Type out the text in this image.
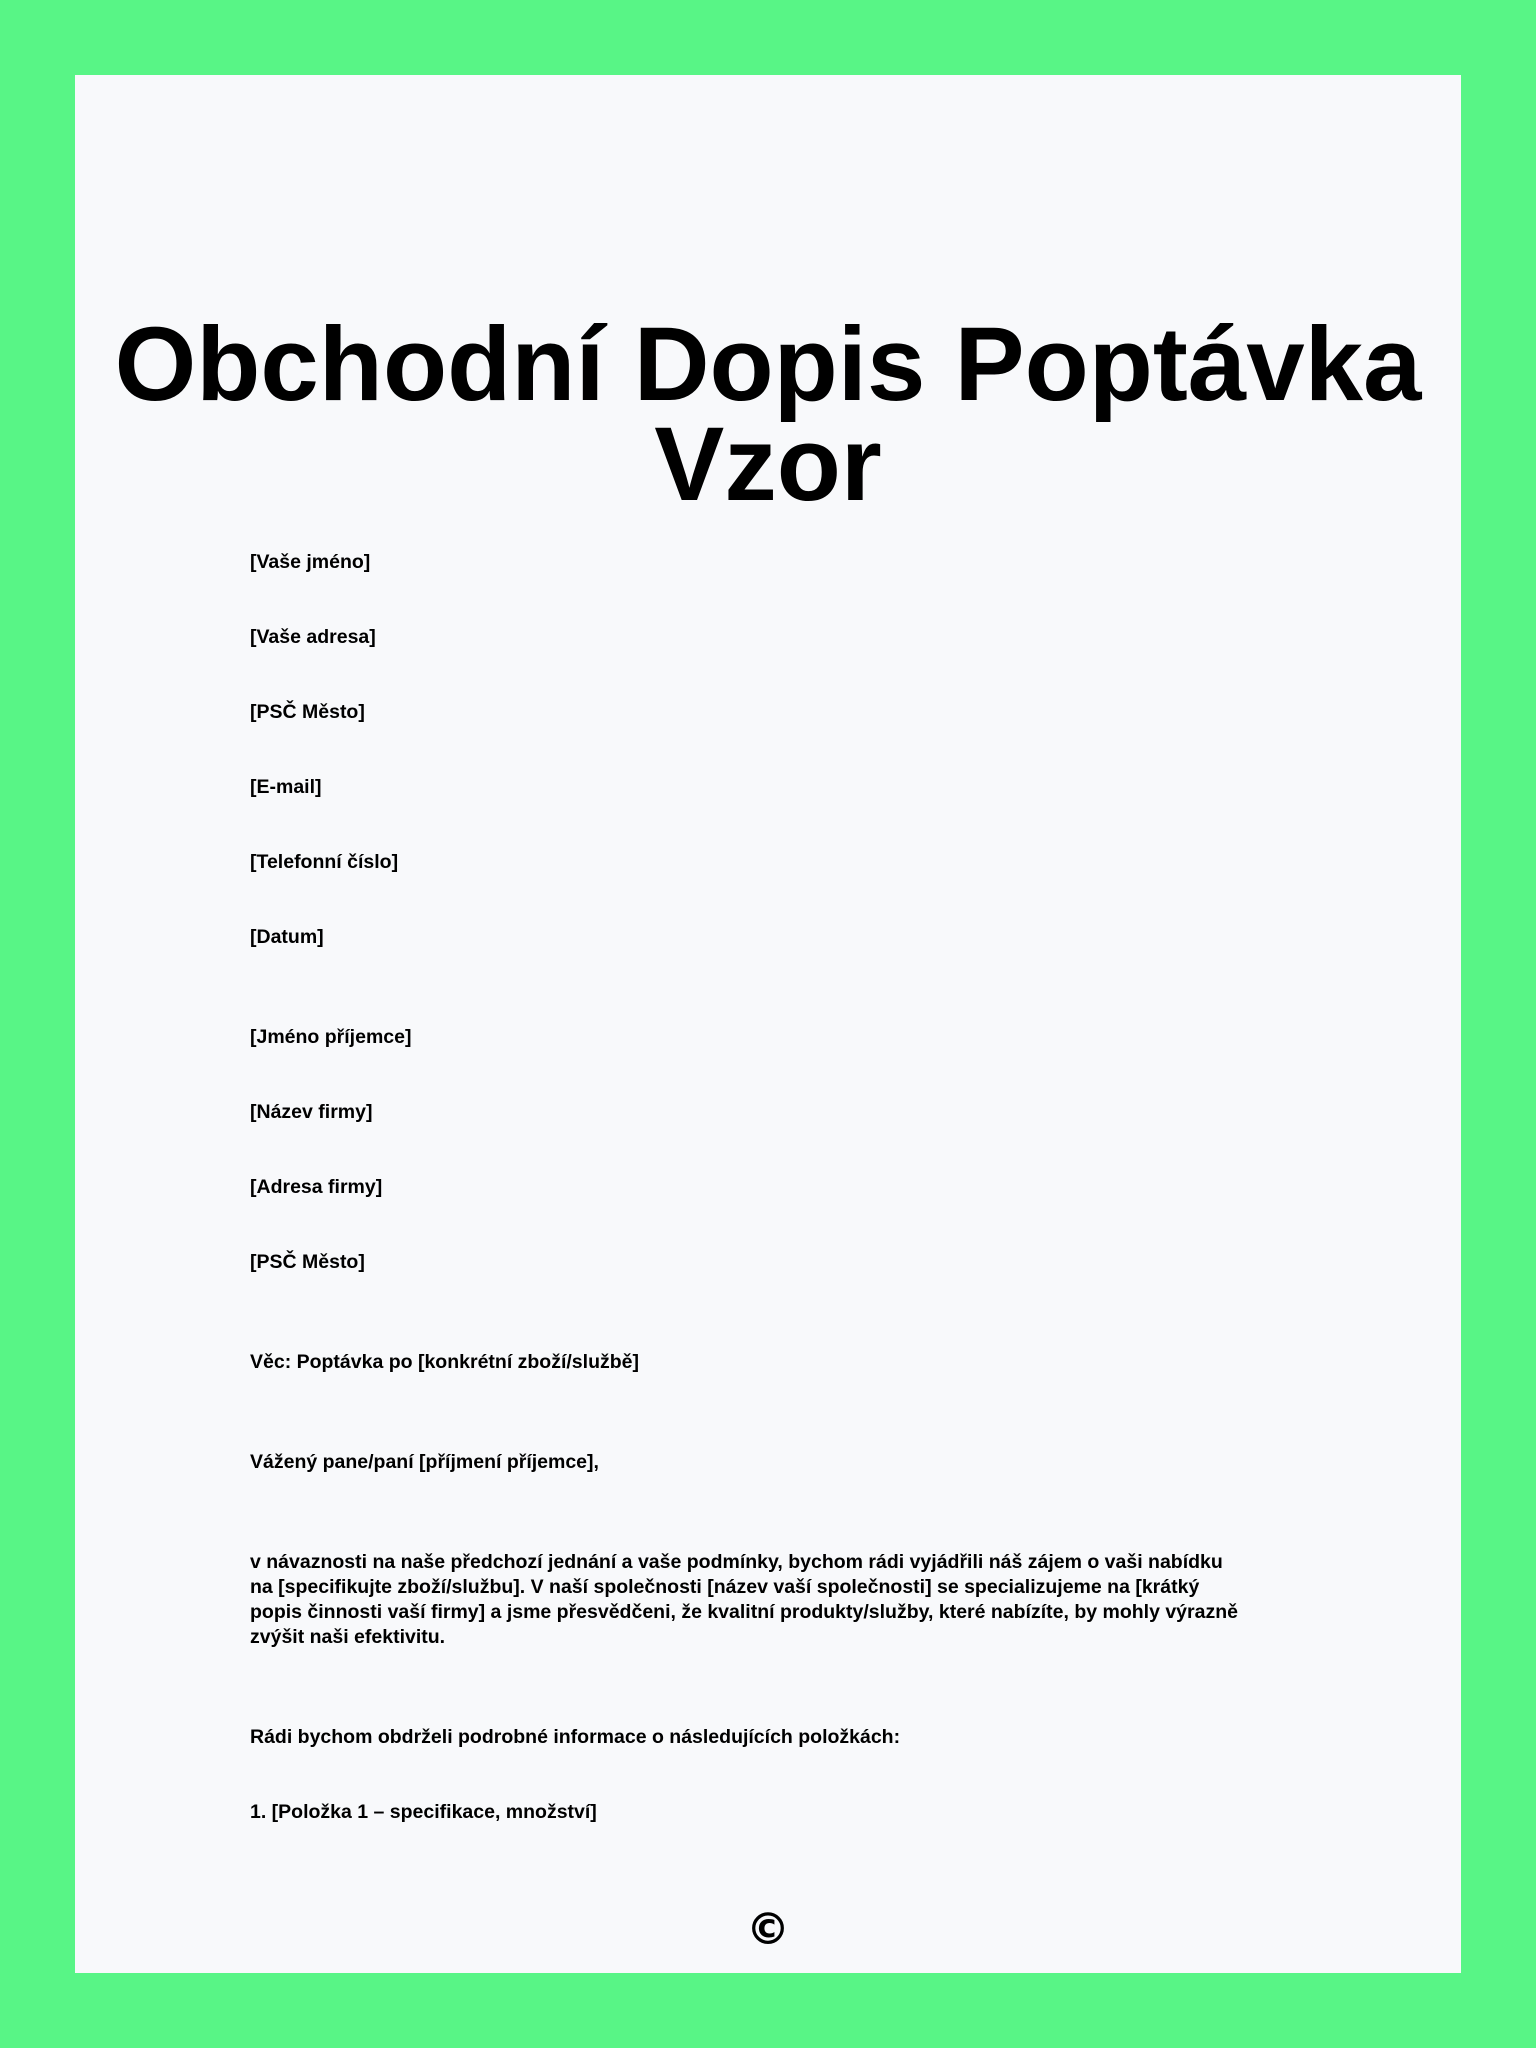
Obchodní Dopis Poptávka
Vzor

[Vaše jméno]

[Vaše adresa]

[PSČ Město]

[E-mail]

[Telefonní číslo]

[Datum]

[Jméno příjemce]

[Název firmy]

[Adresa firmy]

[PSČ Město]

Věc: Poptávka po [konkrétní zboží/službě]

Vážený pane/paní [příjmení příjemce],

v návaznosti na naše předchozí jednání a vaše podmínky, bychom rádi vyjádřili náš zájem o vaši nabídku
na [specifikujte zboží/službu]. V naší společnosti [název vaší společnosti] se specializujeme na [krátký
popis činnosti vaší firmy] a jsme přesvědčeni, že kvalitní produkty/služby, které nabízíte, by mohly výrazně
zvýšit naši efektivitu.

Rádi bychom obdrželi podrobné informace o následujících položkách:

1. [Položka 1 – specifikace, množství]

©
